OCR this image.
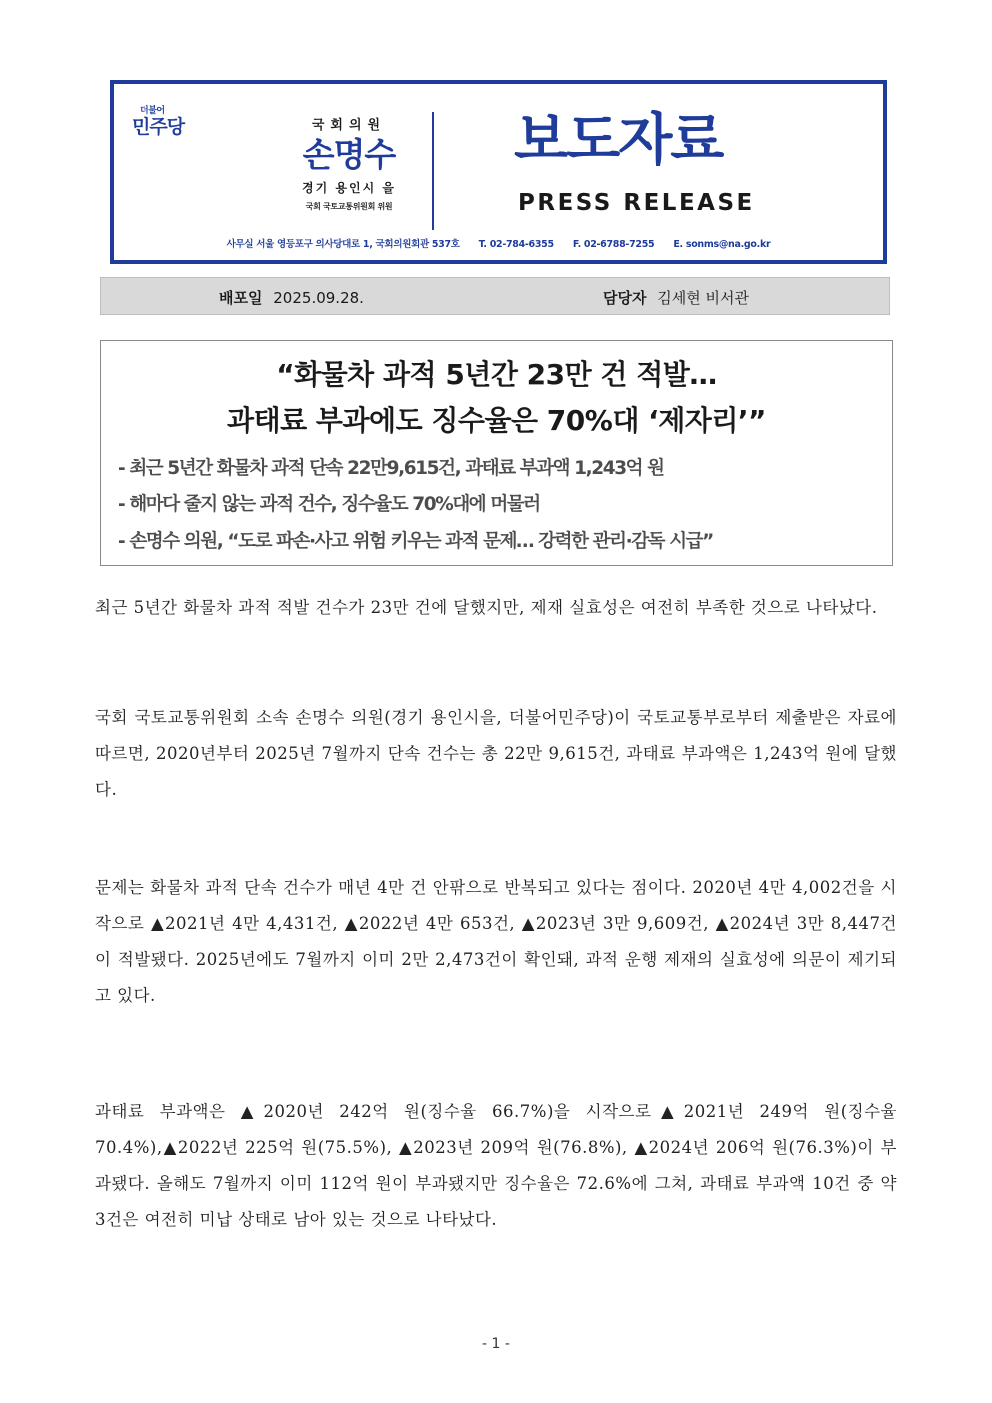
더불어
민주당	국회의원
손명수
경기 용인시 을
국회 국토교통위원회 위원
보도자료
PRESS RELEASE
사무실 서울 영등포구 의사당대로 1, 국회의원회관 537호 T. 02-784-6355 F. 02-6788-7255 E. sonms@na.go.kr
배포일 2025.09.28.	담당자 김세현 비서관
“화물차 과적 5년간 23만 건 적발…
과태료 부과에도 징수율은 70%대 ‘제자리’”
- 최근 5년간 화물차 과적 단속 22만9,615건, 과태료 부과액 1,243억 원
- 해마다 줄지 않는 과적 건수, 징수율도 70%대에 머물러
- 손명수 의원, “도로 파손·사고 위험 키우는 과적 문제… 강력한 관리·감독 시급”
최근 5년간 화물차 과적 적발 건수가 23만 건에 달했지만, 제재 실효성은 여전히 부족한 것으로 나타났다.
국회 국토교통위원회 소속 손명수 의원(경기 용인시을, 더불어민주당)이 국토교통부로부터 제출받은 자료에 따르면, 2020년부터 2025년 7월까지 단속 건수는 총 22만 9,615건, 과태료 부과액은 1,243억 원에 달했다.
문제는 화물차 과적 단속 건수가 매년 4만 건 안팎으로 반복되고 있다는 점이다. 2020년 4만 4,002건을 시작으로 ▲2021년 4만 4,431건, ▲2022년 4만 653건, ▲2023년 3만 9,609건, ▲2024년 3만 8,447건이 적발됐다. 2025년에도 7월까지 이미 2만 2,473건이 확인돼, 과적 운행 제재의 실효성에 의문이 제기되고 있다.
과태료 부과액은 ▲2020년 242억 원(징수율 66.7%)을 시작으로▲2021년 249억 원(징수율 70.4%),▲2022년 225억 원(75.5%), ▲2023년 209억 원(76.8%), ▲2024년 206억 원(76.3%)이 부과됐다. 올해도 7월까지 이미 112억 원이 부과됐지만 징수율은 72.6%에 그쳐, 과태료 부과액 10건 중 약 3건은 여전히 미납 상태로 남아 있는 것으로 나타났다.
- 1 -
